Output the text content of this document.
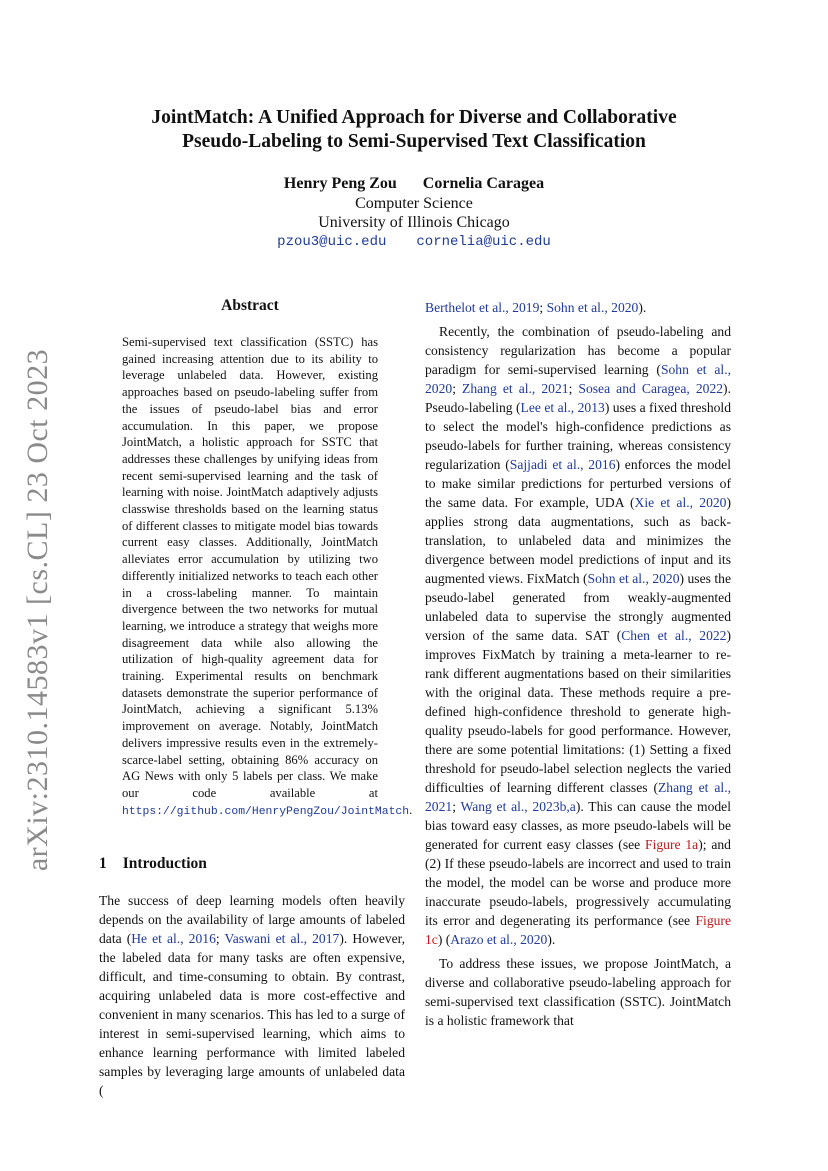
arXiv:2310.14583v1 [cs.CL] 23 Oct 2023
JointMatch: A Unified Approach for Diverse and Collaborative
Pseudo-Labeling to Semi-Supervised Text Classification
Henry Peng Zou Cornelia Caragea
Computer Science
University of Illinois Chicago
pzou3@uic.edu cornelia@uic.edu
Abstract
Semi-supervised text classification (SSTC) has gained increasing attention due to its ability to leverage unlabeled data. However, existing approaches based on pseudo-labeling suffer from the issues of pseudo-label bias and error accumulation. In this paper, we propose JointMatch, a holistic approach for SSTC that addresses these challenges by unifying ideas from recent semi-supervised learning and the task of learning with noise. JointMatch adaptively adjusts classwise thresholds based on the learning status of different classes to mitigate model bias towards current easy classes. Additionally, JointMatch alleviates error accumulation by utilizing two differently initialized networks to teach each other in a cross-labeling manner. To maintain divergence between the two networks for mutual learning, we introduce a strategy that weighs more disagreement data while also allowing the utilization of high-quality agreement data for training. Experimental results on benchmark datasets demonstrate the superior performance of JointMatch, achieving a significant 5.13% improvement on average. Notably, JointMatch delivers impressive results even in the extremely-scarce-label setting, obtaining 86% accuracy on AG News with only 5 labels per class. We make our code available at https://github.com/HenryPengZou/JointMatch.
1 Introduction
The success of deep learning models often heavily depends on the availability of large amounts of labeled data (He et al., 2016; Vaswani et al., 2017). However, the labeled data for many tasks are often expensive, difficult, and time-consuming to obtain. By contrast, acquiring unlabeled data is more cost-effective and convenient in many scenarios. This has led to a surge of interest in semi-supervised learning, which aims to enhance learning performance with limited labeled samples by leveraging large amounts of unlabeled data (

Berthelot et al., 2019; Sohn et al., 2020).

Recently, the combination of pseudo-labeling and consistency regularization has become a popular paradigm for semi-supervised learning (Sohn et al., 2020; Zhang et al., 2021; Sosea and Caragea, 2022). Pseudo-labeling (Lee et al., 2013) uses a fixed threshold to select the model's high-confidence predictions as pseudo-labels for further training, whereas consistency regularization (Sajjadi et al., 2016) enforces the model to make similar predictions for perturbed versions of the same data. For example, UDA (Xie et al., 2020) applies strong data augmentations, such as back-translation, to unlabeled data and minimizes the divergence between model predictions of input and its augmented views. FixMatch (Sohn et al., 2020) uses the pseudo-label generated from weakly-augmented unlabeled data to supervise the strongly augmented version of the same data. SAT (Chen et al., 2022) improves FixMatch by training a meta-learner to re-rank different augmentations based on their similarities with the original data. These methods require a pre-defined high-confidence threshold to generate high-quality pseudo-labels for good performance. However, there are some potential limitations: (1) Setting a fixed threshold for pseudo-label selection neglects the varied difficulties of learning different classes (Zhang et al., 2021; Wang et al., 2023b,a). This can cause the model bias toward easy classes, as more pseudo-labels will be generated for current easy classes (see Figure 1a); and (2) If these pseudo-labels are incorrect and used to train the model, the model can be worse and produce more inaccurate pseudo-labels, progressively accumulating its error and degenerating its performance (see Figure 1c) (Arazo et al., 2020).

To address these issues, we propose JointMatch, a diverse and collaborative pseudo-labeling approach for semi-supervised text classification (SSTC). JointMatch is a holistic framework that
